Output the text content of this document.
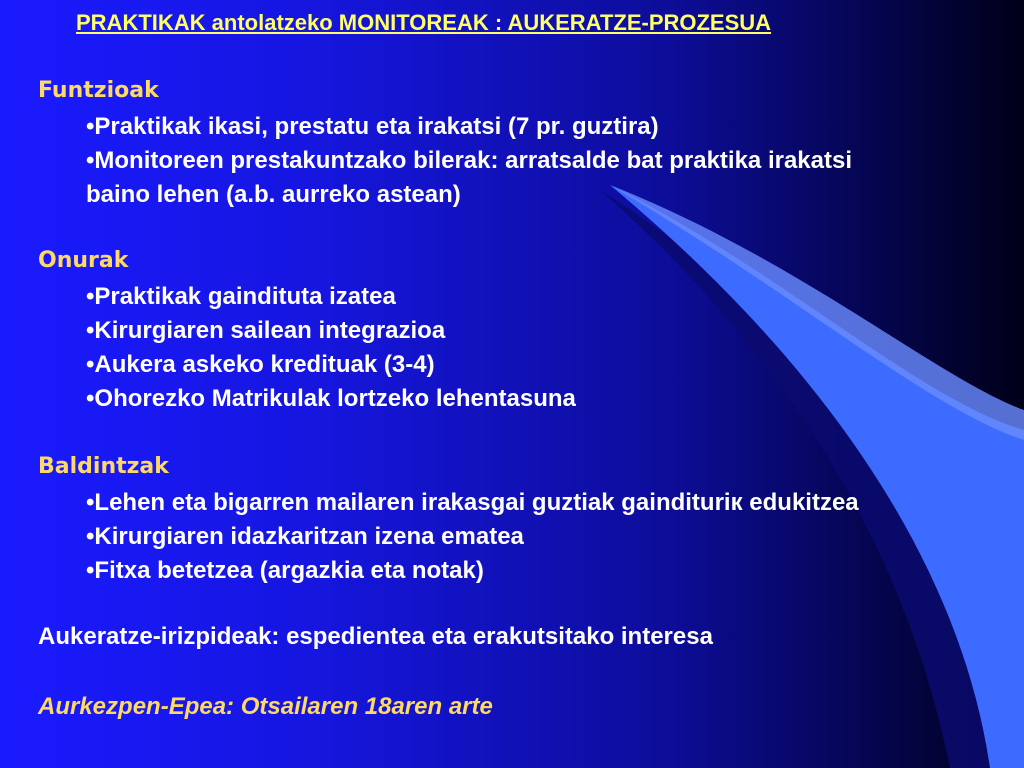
PRAKTIKAK antolatzeko MONITOREAK : AUKERATZE-PROZESUA
Funtzioak
•Praktikak ikasi, prestatu eta irakatsi (7 pr. guztira)
•Monitoreen prestakuntzako bilerak: arratsalde bat praktika irakatsi
baino lehen (a.b. aurreko astean)
Onurak
•Praktikak gaindituta izatea
•Kirurgiaren sailean integrazioa
•Aukera askeko kredituak (3-4)
•Ohorezko Matrikulak lortzeko lehentasuna
Baldintzak
•Lehen eta bigarren mailaren irakasgai guztiak gaindituriк edukitzea
•Kirurgiaren idazkaritzan izena ematea
•Fitxa betetzea (argazkia eta notak)
Aukeratze-irizpideak: espedientea eta erakutsitako interesa
Aurkezpen-Epea: Otsailaren 18aren arte
